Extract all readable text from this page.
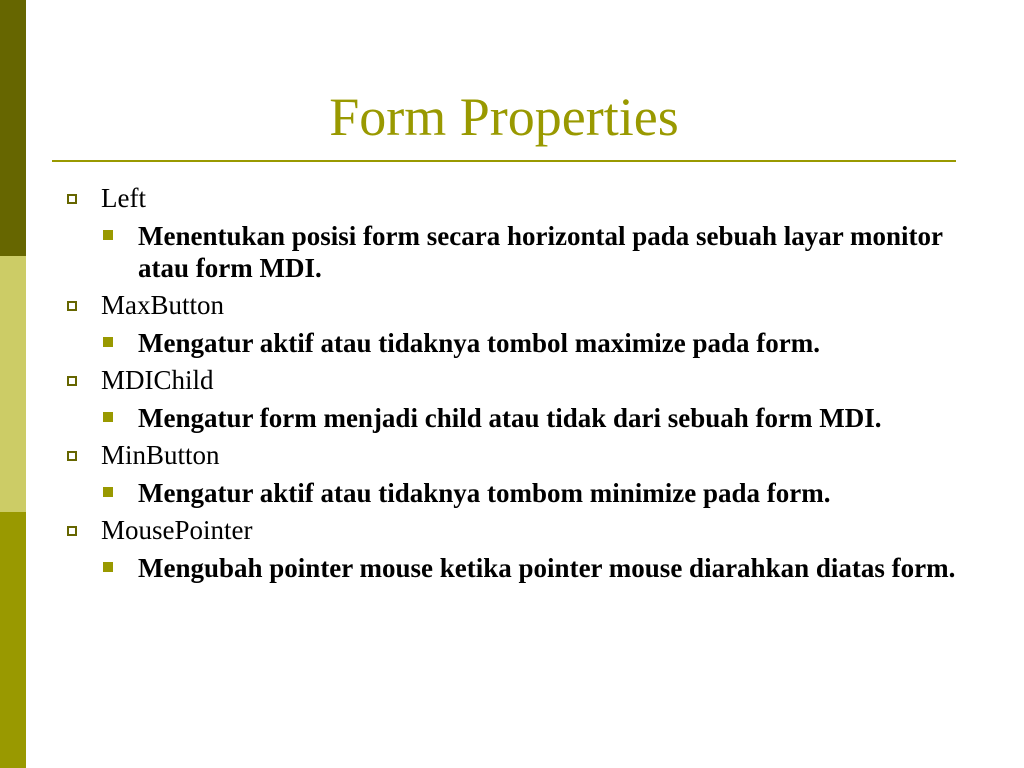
Form Properties
Left
Menentukan posisi form secara horizontal pada sebuah layar monitor atau form MDI.
MaxButton
Mengatur aktif atau tidaknya tombol maximize pada form.
MDIChild
Mengatur form menjadi child atau tidak dari sebuah form MDI.
MinButton
Mengatur aktif atau tidaknya tombom minimize pada form.
MousePointer
Mengubah pointer mouse ketika pointer mouse diarahkan diatas form.
